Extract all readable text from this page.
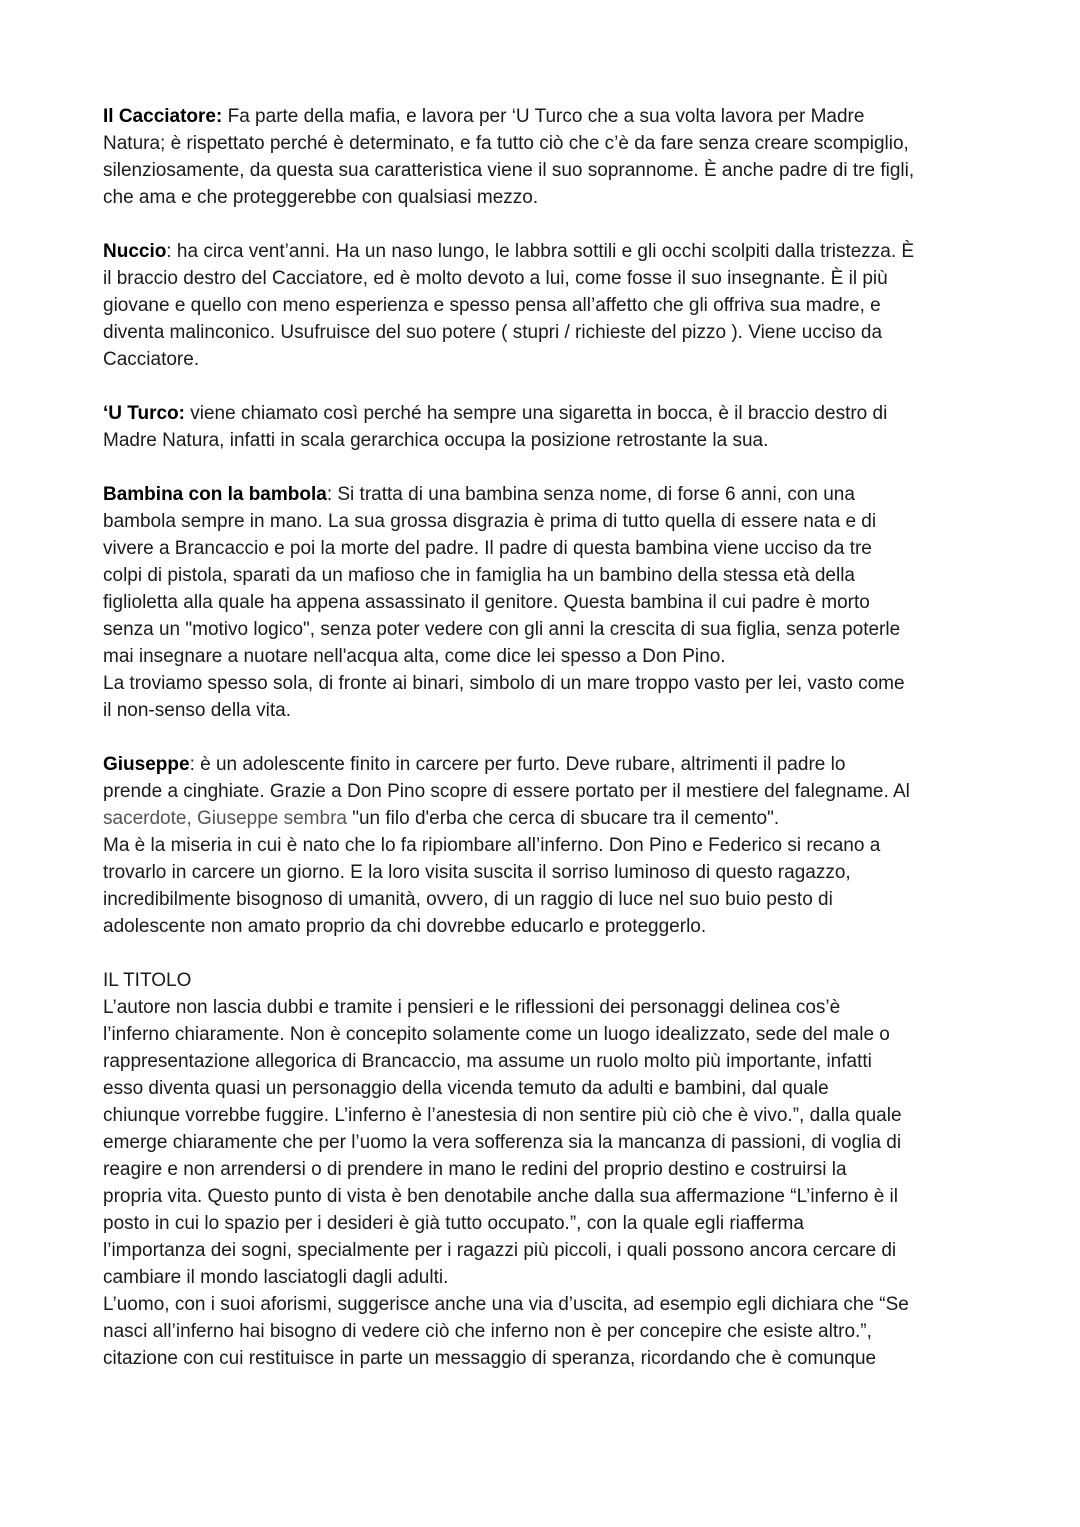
Il Cacciatore: Fa parte della mafia, e lavora per ‘U Turco che a sua volta lavora per Madre
Natura; è rispettato perché è determinato, e fa tutto ciò che c’è da fare senza creare scompiglio,
silenziosamente, da questa sua caratteristica viene il suo soprannome. È anche padre di tre figli,
che ama e che proteggerebbe con qualsiasi mezzo.
Nuccio: ha circa vent’anni. Ha un naso lungo, le labbra sottili e gli occhi scolpiti dalla tristezza. È
il braccio destro del Cacciatore, ed è molto devoto a lui, come fosse il suo insegnante. È il più
giovane e quello con meno esperienza e spesso pensa all’affetto che gli offriva sua madre, e
diventa malinconico. Usufruisce del suo potere ( stupri / richieste del pizzo ). Viene ucciso da
Cacciatore.
‘U Turco: viene chiamato così perché ha sempre una sigaretta in bocca, è il braccio destro di
Madre Natura, infatti in scala gerarchica occupa la posizione retrostante la sua.
Bambina con la bambola: Si tratta di una bambina senza nome, di forse 6 anni, con una
bambola sempre in mano. La sua grossa disgrazia è prima di tutto quella di essere nata e di
vivere a Brancaccio e poi la morte del padre. Il padre di questa bambina viene ucciso da tre
colpi di pistola, sparati da un mafioso che in famiglia ha un bambino della stessa età della
figlioletta alla quale ha appena assassinato il genitore. Questa bambina il cui padre è morto
senza un "motivo logico", senza poter vedere con gli anni la crescita di sua figlia, senza poterle
mai insegnare a nuotare nell'acqua alta, come dice lei spesso a Don Pino.
La troviamo spesso sola, di fronte ai binari, simbolo di un mare troppo vasto per lei, vasto come
il non-senso della vita.
Giuseppe: è un adolescente finito in carcere per furto. Deve rubare, altrimenti il padre lo
prende a cinghiate. Grazie a Don Pino scopre di essere portato per il mestiere del falegname. Al
sacerdote, Giuseppe sembra "un filo d'erba che cerca di sbucare tra il cemento".
Ma è la miseria in cui è nato che lo fa ripiombare all’inferno. Don Pino e Federico si recano a
trovarlo in carcere un giorno. E la loro visita suscita il sorriso luminoso di questo ragazzo,
incredibilmente bisognoso di umanità, ovvero, di un raggio di luce nel suo buio pesto di
adolescente non amato proprio da chi dovrebbe educarlo e proteggerlo.
IL TITOLO
L’autore non lascia dubbi e tramite i pensieri e le riflessioni dei personaggi delinea cos’è
l’inferno chiaramente. Non è concepito solamente come un luogo idealizzato, sede del male o
rappresentazione allegorica di Brancaccio, ma assume un ruolo molto più importante, infatti
esso diventa quasi un personaggio della vicenda temuto da adulti e bambini, dal quale
chiunque vorrebbe fuggire. L’inferno è l’anestesia di non sentire più ciò che è vivo.”, dalla quale
emerge chiaramente che per l’uomo la vera sofferenza sia la mancanza di passioni, di voglia di
reagire e non arrendersi o di prendere in mano le redini del proprio destino e costruirsi la
propria vita. Questo punto di vista è ben denotabile anche dalla sua affermazione “L’inferno è il
posto in cui lo spazio per i desideri è già tutto occupato.”, con la quale egli riafferma
l’importanza dei sogni, specialmente per i ragazzi più piccoli, i quali possono ancora cercare di
cambiare il mondo lasciatogli dagli adulti.
L’uomo, con i suoi aforismi, suggerisce anche una via d’uscita, ad esempio egli dichiara che “Se
nasci all’inferno hai bisogno di vedere ciò che inferno non è per concepire che esiste altro.”,
citazione con cui restituisce in parte un messaggio di speranza, ricordando che è comunque
